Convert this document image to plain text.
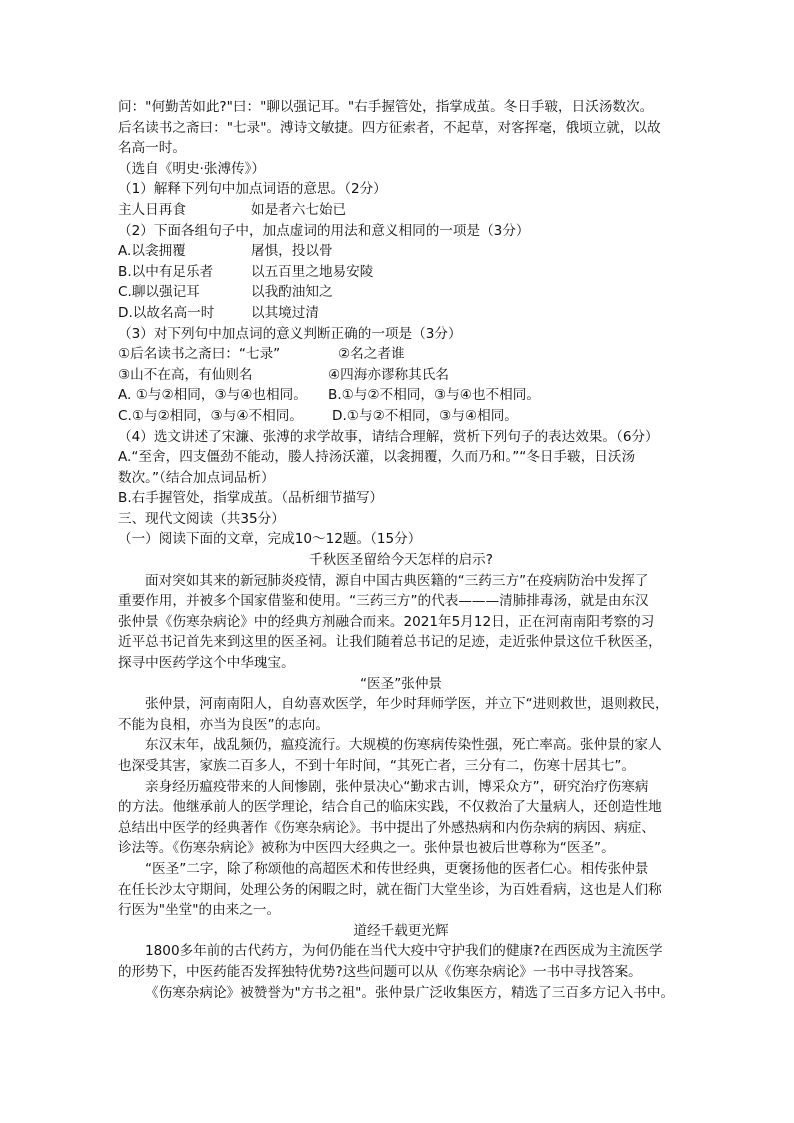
问："何勤苦如此?"曰："聊以强记耳。"右手握管处，指掌成茧。冬日手皲，日沃汤数次。
后名读书之斋曰："七录"。溥诗文敏捷。四方征索者，不起草，对客挥毫，俄顷立就，以故
名高一时。
（选自《明史·张溥传》）
（1）解释下列句中加点词语的意思。（2分）
主人日再食	如是者六七始已
（2）下面各组句子中，加点虚词的用法和意义相同的一项是（3分）
A.以衾拥覆	屠惧，投以骨
B.以中有足乐者	以五百里之地易安陵
C.聊以强记耳	以我酌油知之
D.以故名高一时	以其境过清
（3）对下列句中加点词的意义判断正确的一项是（3分）
①后名读书之斋曰：“七录”	②名之者谁
③山不在高，有仙则名	④四海亦谬称其氏名
A. ①与②相同，③与④也相同。	B.①与②不相同，③与④也不相同。
C.①与②相同，③与④不相同。	D.①与②不相同，③与④相同。
（4）选文讲述了宋濂、张溥的求学故事，请结合理解，赏析下列句子的表达效果。（6分）
A.“至舍，四支僵劲不能动，媵人持汤沃灌，以衾拥覆，久而乃和。”“冬日手皲，日沃汤
数次。”（结合加点词品析）
B.右手握管处，指掌成茧。（品析细节描写）
三、现代文阅读（共35分）
（一）阅读下面的文章，完成10～12题。（15分）
千秋医圣留给今天怎样的启示?
面对突如其来的新冠肺炎疫情，源自中国古典医籍的“三药三方”在疫病防治中发挥了
重要作用，并被多个国家借鉴和使用。“三药三方”的代表———清肺排毒汤，就是由东汉
张仲景《伤寒杂病论》中的经典方剂融合而来。2021年5月12日，正在河南南阳考察的习
近平总书记首先来到这里的医圣祠。让我们随着总书记的足迹，走近张仲景这位千秋医圣，
探寻中医药学这个中华瑰宝。
“医圣”张仲景
张仲景，河南南阳人，自幼喜欢医学，年少时拜师学医，并立下“进则救世，退则救民，
不能为良相，亦当为良医”的志向。
东汉末年，战乱频仍，瘟疫流行。大规模的伤寒病传染性强，死亡率高。张仲景的家人
也深受其害，家族二百多人，不到十年时间，“其死亡者，三分有二，伤寒十居其七”。
亲身经历瘟疫带来的人间惨剧，张仲景决心“勤求古训，博采众方”，研究治疗伤寒病
的方法。他继承前人的医学理论，结合自己的临床实践，不仅救治了大量病人，还创造性地
总结出中医学的经典著作《伤寒杂病论》。书中提出了外感热病和内伤杂病的病因、病症、
诊法等。《伤寒杂病论》被称为中医四大经典之一。张仲景也被后世尊称为“医圣”。
“医圣”二字，除了称颂他的高超医术和传世经典，更褒扬他的医者仁心。相传张仲景
在任长沙太守期间，处理公务的闲暇之时，就在衙门大堂坐诊，为百姓看病，这也是人们称
行医为"坐堂"的由来之一。
道经千载更光辉
1800多年前的古代药方，为何仍能在当代大疫中守护我们的健康?在西医成为主流医学
的形势下，中医药能否发挥独特优势?这些问题可以从《伤寒杂病论》一书中寻找答案。
《伤寒杂病论》被赞誉为"方书之祖"。张仲景广泛收集医方，精选了三百多方记入书中。
